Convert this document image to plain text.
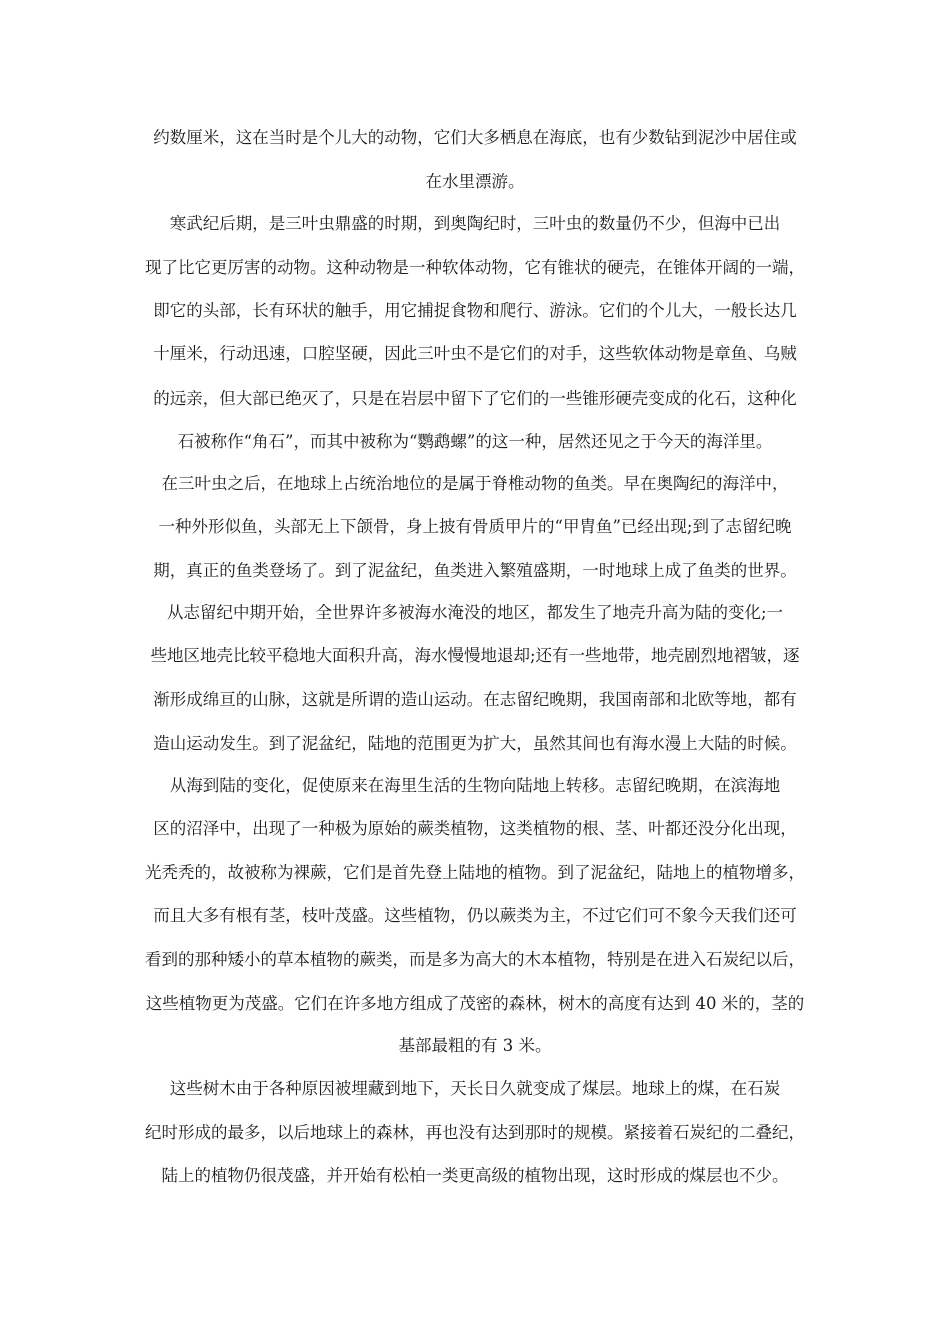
约数厘米，这在当时是个儿大的动物，它们大多栖息在海底，也有少数钻到泥沙中居住或
在水里漂游。
寒武纪后期，是三叶虫鼎盛的时期，到奥陶纪时，三叶虫的数量仍不少，但海中已出
现了比它更厉害的动物。这种动物是一种软体动物，它有锥状的硬壳，在锥体开阔的一端，
即它的头部，长有环状的触手，用它捕捉食物和爬行、游泳。它们的个儿大，一般长达几
十厘米，行动迅速，口腔坚硬，因此三叶虫不是它们的对手，这些软体动物是章鱼、乌贼
的远亲，但大部已绝灭了，只是在岩层中留下了它们的一些锥形硬壳变成的化石，这种化
石被称作“角石”，而其中被称为“鹦鹉螺”的这一种，居然还见之于今天的海洋里。
在三叶虫之后，在地球上占统治地位的是属于脊椎动物的鱼类。早在奥陶纪的海洋中，
一种外形似鱼，头部无上下颌骨，身上披有骨质甲片的“甲胄鱼”已经出现;到了志留纪晚
期，真正的鱼类登场了。到了泥盆纪，鱼类进入繁殖盛期，一时地球上成了鱼类的世界。
从志留纪中期开始，全世界许多被海水淹没的地区，都发生了地壳升高为陆的变化;一
些地区地壳比较平稳地大面积升高，海水慢慢地退却;还有一些地带，地壳剧烈地褶皱，逐
渐形成绵亘的山脉，这就是所谓的造山运动。在志留纪晚期，我国南部和北欧等地，都有
造山运动发生。到了泥盆纪，陆地的范围更为扩大，虽然其间也有海水漫上大陆的时候。
从海到陆的变化，促使原来在海里生活的生物向陆地上转移。志留纪晚期，在滨海地
区的沼泽中，出现了一种极为原始的蕨类植物，这类植物的根、茎、叶都还没分化出现，
光秃秃的，故被称为裸蕨，它们是首先登上陆地的植物。到了泥盆纪，陆地上的植物增多，
而且大多有根有茎，枝叶茂盛。这些植物，仍以蕨类为主，不过它们可不象今天我们还可
看到的那种矮小的草本植物的蕨类，而是多为高大的木本植物，特别是在进入石炭纪以后，
这些植物更为茂盛。它们在许多地方组成了茂密的森林，树木的高度有达到 40 米的，茎的
基部最粗的有 3 米。
这些树木由于各种原因被埋藏到地下，天长日久就变成了煤层。地球上的煤，在石炭
纪时形成的最多，以后地球上的森林，再也没有达到那时的规模。紧接着石炭纪的二叠纪，
陆上的植物仍很茂盛，并开始有松柏一类更高级的植物出现，这时形成的煤层也不少。
